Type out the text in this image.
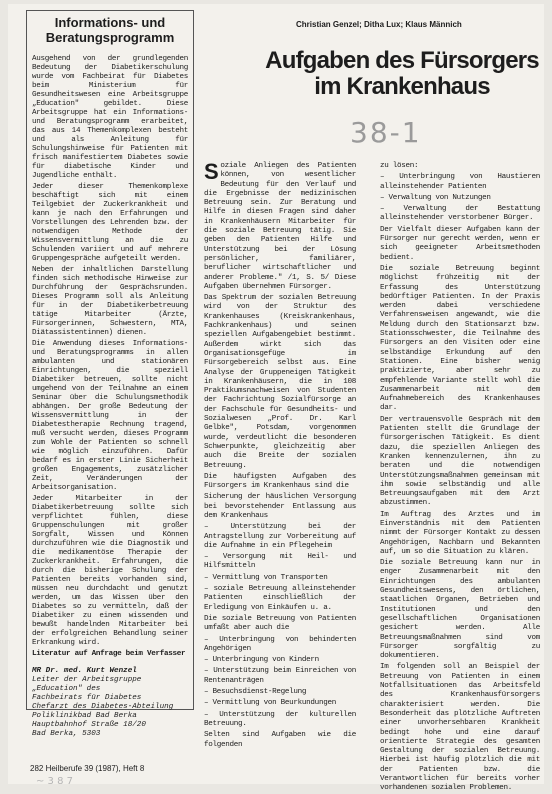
Informations- und Beratungsprogramm

Ausgehend von der grundlegenden Bedeutung der Diabetikerschulung wurde vom Fachbeirat für Diabetes beim Ministerium für Gesundheitswesen eine Arbeitsgruppe „Education" gebildet. Diese Arbeitsgruppe hat ein Informations- und Beratungsprogramm erarbeitet, das aus 14 Themenkomplexen besteht und als Anleitung für Schulungshinweise für Patienten mit frisch manifestiertem Diabetes sowie für diabetische Kinder und Jugendliche enthält.

Jeder dieser Themenkomplexe beschäftigt sich mit einem Teilgebiet der Zuckerkrankheit und kann je nach den Erfahrungen und Vorstellungen des Lehrenden bzw. der notwendigen Methode der Wissensvermittlung an die zu Schulenden variiert und auf mehrere Gruppengespräche aufgeteilt werden.

Neben der inhaltlichen Darstellung finden sich methodische Hinweise zur Durchführung der Gesprächsrunden. Dieses Programm soll als Anleitung für in der Diabetikerbetreuung tätige Mitarbeiter (Ärzte, Fürsorgerinnen, Schwestern, MTA, Diätassistentinnen) dienen.

Die Anwendung dieses Informations- und Beratungsprogramms in allen ambulanten und stationären Einrichtungen, die speziell Diabetiker betreuen, sollte nicht umgehend von der Teilnahme an einem Seminar über die Schulungsmethodik abhängen. Der große Bedeutung der Wissensvermittlung in der Diabetestherapie Rechnung tragend, muß versucht werden, dieses Programm zum Wohle der Patienten so schnell wie möglich einzuführen. Dafür bedarf es in erster Linie Sicherheit großen Engagements, zusätzlicher Zeit, Veränderungen der Arbeitsorganisation.

Jeder Mitarbeiter in der Diabetikerbetreuung sollte sich verpflichtet fühlen, diese Gruppenschulungen mit großer Sorgfalt, Wissen und Können durchzuführen wie die Diagnostik und die medikamentöse Therapie der Zuckerkrankheit. Erfahrungen, die durch die bisherige Schulung der Patienten bereits vorhanden sind, müssen neu durchdacht und genutzt werden, um das Wissen über den Diabetes so zu vermitteln, daß der Diabetiker zu einem wissenden und bewußt handelnden Mitarbeiter bei der erfolgreichen Behandlung seiner Erkrankung wird.

Literatur auf Anfrage beim Verfasser

MR Dr. med. Kurt Wenzel
Leiter der Arbeitsgruppe „Education" des
Fachbeirats für Diabetes
Chefarzt des Diabetes-Abteilung
Poliklinikbad Bad Berka
Hauptbahnhof Straße 18/20
Bad Berka, 5303
Christian Genzel; Ditha Lux; Klaus Männich
Aufgaben des Fürsorgers im Krankenhaus
38-1

Soziale Anliegen des Patienten können, von wesentlicher Bedeutung für den Verlauf und die Ergebnisse der medizinischen Betreuung sein. Zur Beratung und Hilfe in diesen Fragen sind daher in Krankenhäusern Mitarbeiter für die soziale Betreuung tätig. Sie geben den Patienten Hilfe und Unterstützung bei der Lösung persönlicher, familiärer, beruflicher wirtschaftlicher und anderer Probleme." /1, S. 5/ Diese Aufgaben übernehmen Fürsorger.

Das Spektrum der sozialen Betreuung wird von der Struktur des Krankenhauses (Kreiskrankenhaus, Fachkrankenhaus) und seinen speziellen Aufgabengebiet bestimmt. Außerdem wirkt sich das Organisationsgefüge im Fürsorgebereich selbst aus. Eine Analyse der Gruppeneigen Tätigkeit in Krankenhäusern, die in 108 Praktikumsnachweisen von Studenten der Fachrichtung Sozialfürsorge an der Fachschule für Gesundheits- und Sozialwesen „Prof. Dr. Karl Gelbke", Potsdam, vorgenommen wurde, verdeutlicht die besonderen Schwerpunkte, gleichzeitig aber auch die Breite der sozialen Betreuung.

Die häufigsten Aufgaben des Fürsorgers im Krankenhaus sind die

Sicherung der häuslichen Versorgung bei bevorstehender Entlassung aus dem Krankenhaus

– Unterstützung bei der Antragstellung zur Vorbereitung auf die Aufnahme in ein Pflegeheim

– Versorgung mit Heil- und Hilfsmitteln

– Vermittlung von Transporten

– soziale Betreuung alleinstehender Patienten einschließlich der Erledigung von Einkäufen u. a.

Die soziale Betreuung von Patienten umfaßt aber auch die

– Unterbringung von behinderten Angehörigen

– Unterbringung von Kindern

– Unterstützung beim Einreichen von Rentenanträgen

– Besuchsdienst-Regelung

– Vermittlung von Beurkundungen

– Unterstützung der kulturellen Betreuung.

Selten sind Aufgaben wie die folgenden

zu lösen:

– Unterbringung von Haustieren alleinstehender Patienten

– Verwaltung von Nutzungen

– Verwaltung der Bestattung alleinstehender verstorbener Bürger.

Der Vielfalt dieser Aufgaben kann der Fürsorger nur gerecht werden, wenn er sich geeigneter Arbeitsmethoden bedient.

Die soziale Betreuung beginnt möglichst frühzeitig mit der Erfassung des Unterstützung bedürftiger Patienten. In der Praxis werden dabei verschiedene Verfahrensweisen angewandt, wie die Meldung durch den Stationsarzt bzw. Stationsschwester, die Teilnahme des Fürsorgers an den Visiten oder eine selbständige Erkundung auf den Stationen. Eine bisher wenig praktizierte, aber sehr zu empfehlende Variante stellt wohl die Zusammenarbeit mit dem Aufnahmebereich des Krankenhauses dar.

Der vertrauensvolle Gespräch mit dem Patienten stellt die Grundlage der fürsorgerischen Tätigkeit. Es dient dazu, die speziellen Anliegen des Kranken kennenzulernen, ihn zu beraten und die notwendigen Unterstützungsmaßnahmen gemeinsam mit ihm sowie selbständig und alle Betreuungsaufgaben mit dem Arzt abzustimmen.

Im Auftrag des Arztes und im Einverständnis mit dem Patienten nimmt der Fürsorger Kontakt zu dessen Angehörigen, Nachbarn und Bekannten auf, um so die Situation zu klären.

Die soziale Betreuung kann nur in enger Zusammenarbeit mit den Einrichtungen des ambulanten Gesundheitswesens, den örtlichen, staatlichen Organen, Betrieben und Institutionen und den gesellschaftlichen Organisationen gesichert werden. Alle Betreuungsmaßnahmen sind vom Fürsorger sorgfältig zu dokumentieren.

Im folgenden soll an Beispiel der Betreuung von Patienten in einem Notfallsituationen das Arbeitsfeld des Krankenhausfürsorgers charakterisiert werden. Die Besonderheit das plötzliche Auftreten einer unvorhersehbaren Krankheit bedingt hohe und eine darauf orientierte Strategie des gesamten Gestaltung der sozialen Betreuung. Hierbei ist häufig plötzlich die mit der Patienten bzw. die Verantwortlichen für bereits vorher vorhandenen sozialen Problemen.

282 Heilberufe 39 (1987), Heft 8
~ 3 8 7
